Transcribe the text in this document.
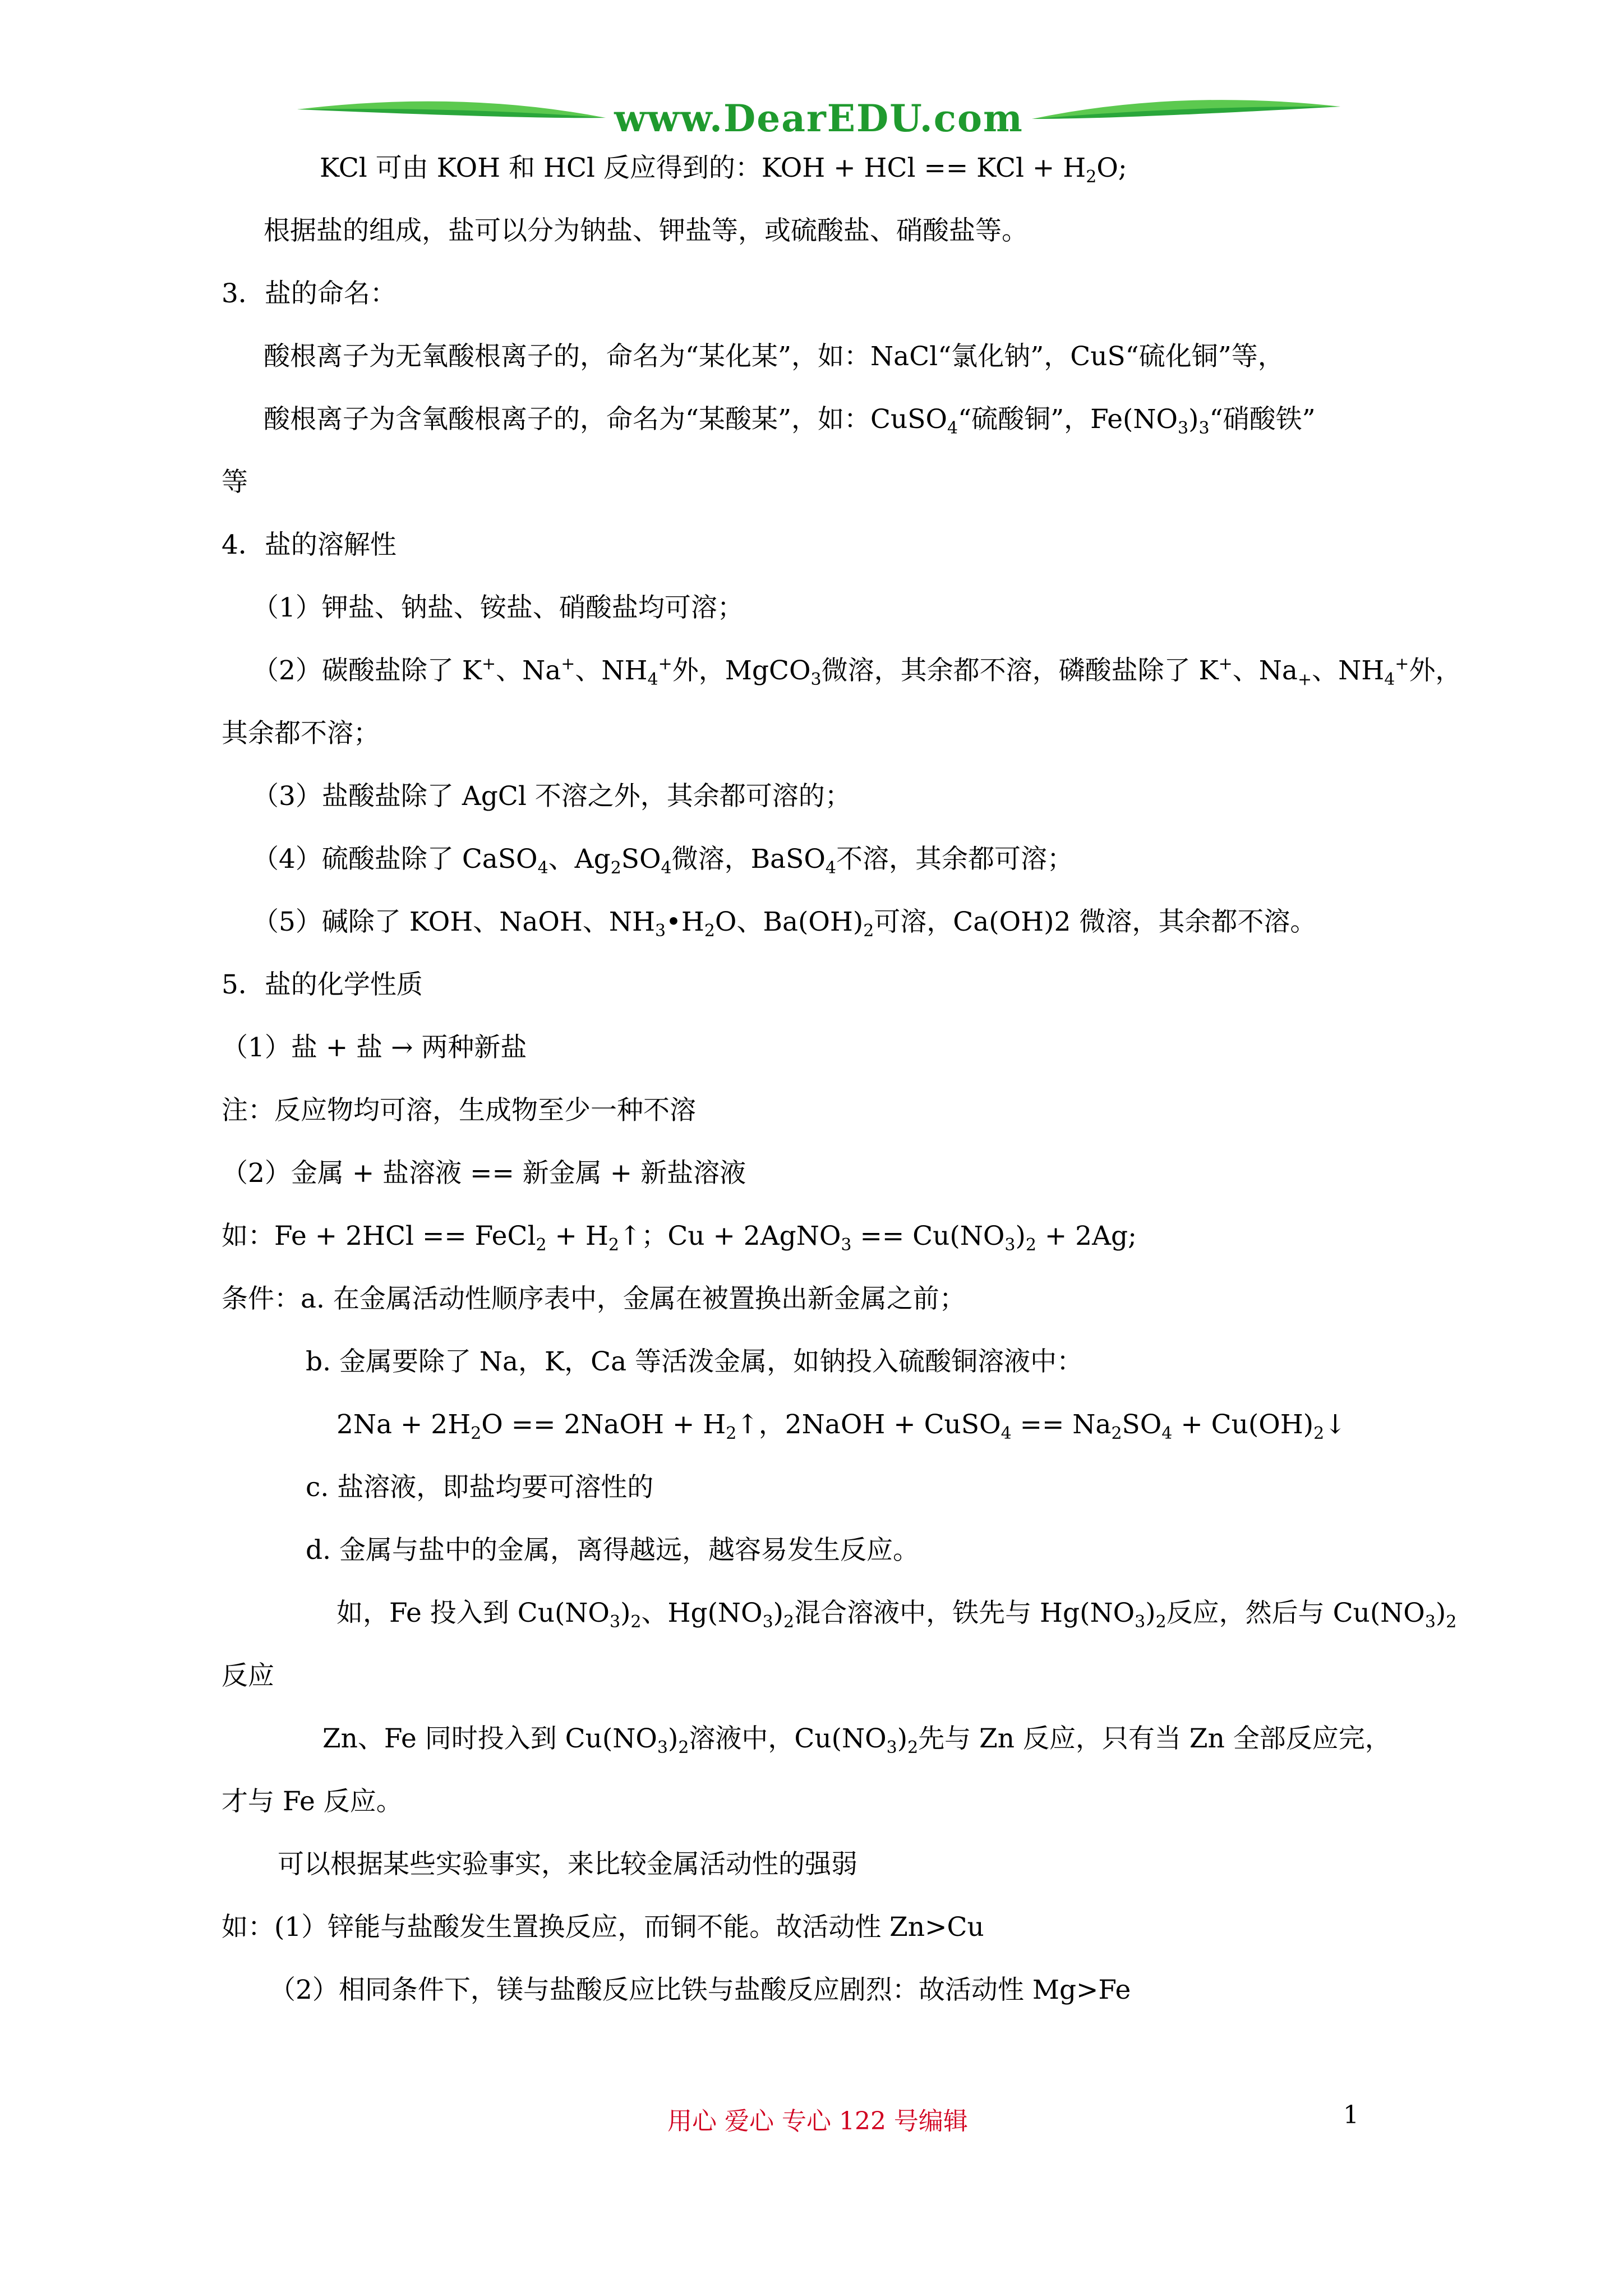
www.DearEDU.com
KCl 可由 KOH 和 HCl 反应得到的：KOH + HCl == KCl + $H_2O$;
根据盐的组成，盐可以分为钠盐、钾盐等，或硫酸盐、硝酸盐等。
3．盐的命名：
酸根离子为无氧酸根离子的，命名为“某化某”，如：NaCl“氯化钠”，CuS“硫化铜”等，
酸根离子为含氧酸根离子的，命名为“某酸某”，如：CuSO$_4$“硫酸铜”，$Fe(NO_3)_3“$硝酸铁”
等
4．盐的溶解性
（1）钾盐、钠盐、铵盐、硝酸盐均可溶；
（2）碳酸盐除了 K+、Na+、$NH_4^+$外，MgCO$_3$微溶，其余都不溶，磷酸盐除了 K+、$Na_+$、$NH_4^+$外，
其余都不溶；
（3）盐酸盐除了 AgCl 不溶之外，其余都可溶的；
（4）硫酸盐除了 CaSO$_4$、$Ag_2SO_4$微溶，BaSO$_4$不溶，其余都可溶；
（5）碱除了 KOH、NaOH、$NH_3•H_2O$、$Ba(OH)_2$可溶，Ca(OH)2 微溶，其余都不溶。
5．盐的化学性质
（1）盐 + 盐 → 两种新盐
注：反应物均可溶，生成物至少一种不溶
（2）金属 + 盐溶液 == 新金属 + 新盐溶液
如：Fe + 2HCl == FeCl$_2$ + $H_2↑$；Cu + 2AgNO$_3$ == $Cu(NO_3)_2 + 2Ag$;
条件：a. 在金属活动性顺序表中，金属在被置换出新金属之前；
b. 金属要除了 Na，K，Ca 等活泼金属，如钠投入硫酸铜溶液中：
$2Na + 2H_2O$ == 2NaOH + $H_2↑$，2NaOH + CuSO$_4$ == $Na_2SO_4$ + $Cu(OH)_2↓$
c. 盐溶液，即盐均要可溶性的
d. 金属与盐中的金属，离得越远，越容易发生反应。
如，Fe 投入到 $Cu(NO_3)_2$、$Hg(NO_3)_2$混合溶液中，铁先与 $Hg(NO_3)_2$反应，然后与 $Cu(NO_3)_2$
反应
Zn、Fe 同时投入到 $Cu(NO_3)_2$溶液中，$Cu(NO_3)_2$先与 Zn 反应，只有当 Zn 全部反应完，
才与 Fe 反应。
可以根据某些实验事实，来比较金属活动性的强弱
如：(1）锌能与盐酸发生置换反应，而铜不能。故活动性 Zn>Cu
（2）相同条件下，镁与盐酸反应比铁与盐酸反应剧烈：故活动性 Mg>Fe
用心 爱心 专心 122 号编辑	1
